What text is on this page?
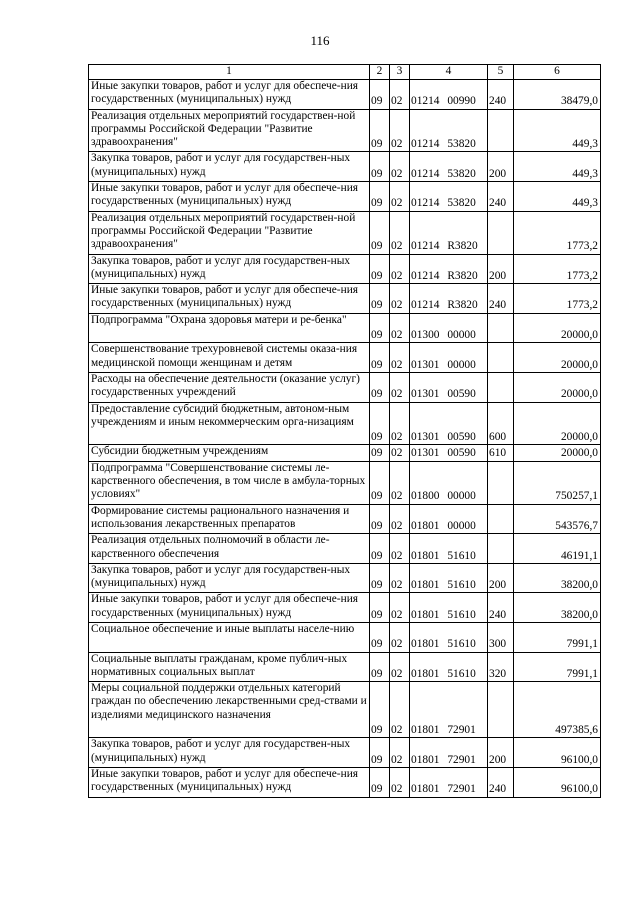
116
1	2	3	4	5	6
Иные закупки товаров, работ и услуг для обеспече-ния государственных (муниципальных) нужд	09	02	01214 00990	240	38479,0
Реализация отдельных мероприятий государствен-ной программы Российской Федерации "Развитие здравоохранения"	09	02	01214 53820		449,3
Закупка товаров, работ и услуг для государствен-ных (муниципальных) нужд	09	02	01214 53820	200	449,3
Иные закупки товаров, работ и услуг для обеспече-ния государственных (муниципальных) нужд	09	02	01214 53820	240	449,3
Реализация отдельных мероприятий государствен-ной программы Российской Федерации "Развитие здравоохранения"	09	02	01214 R3820		1773,2
Закупка товаров, работ и услуг для государствен-ных (муниципальных) нужд	09	02	01214 R3820	200	1773,2
Иные закупки товаров, работ и услуг для обеспече-ния государственных (муниципальных) нужд	09	02	01214 R3820	240	1773,2
Подпрограмма "Охрана здоровья матери и ре-бенка"	09	02	01300 00000		20000,0
Совершенствование трехуровневой системы оказа-ния медицинской помощи женщинам и детям	09	02	01301 00000		20000,0
Расходы на обеспечение деятельности (оказание услуг) государственных учреждений	09	02	01301 00590		20000,0
Предоставление субсидий бюджетным, автоном-ным учреждениям и иным некоммерческим орга-низациям	09	02	01301 00590	600	20000,0
Субсидии бюджетным учреждениям	09	02	01301 00590	610	20000,0
Подпрограмма "Совершенствование системы ле-карственного обеспечения, в том числе в амбула-торных условиях"	09	02	01800 00000		750257,1
Формирование системы рационального назначения и использования лекарственных препаратов	09	02	01801 00000		543576,7
Реализация отдельных полномочий в области ле-карственного обеспечения	09	02	01801 51610		46191,1
Закупка товаров, работ и услуг для государствен-ных (муниципальных) нужд	09	02	01801 51610	200	38200,0
Иные закупки товаров, работ и услуг для обеспече-ния государственных (муниципальных) нужд	09	02	01801 51610	240	38200,0
Социальное обеспечение и иные выплаты населе-нию	09	02	01801 51610	300	7991,1
Социальные выплаты гражданам, кроме публич-ных нормативных социальных выплат	09	02	01801 51610	320	7991,1
Меры социальной поддержки отдельных категорий граждан по обеспечению лекарственными сред-ствами и изделиями медицинского назначения	09	02	01801 72901		497385,6
Закупка товаров, работ и услуг для государствен-ных (муниципальных) нужд	09	02	01801 72901	200	96100,0
Иные закупки товаров, работ и услуг для обеспече-ния государственных (муниципальных) нужд	09	02	01801 72901	240	96100,0
